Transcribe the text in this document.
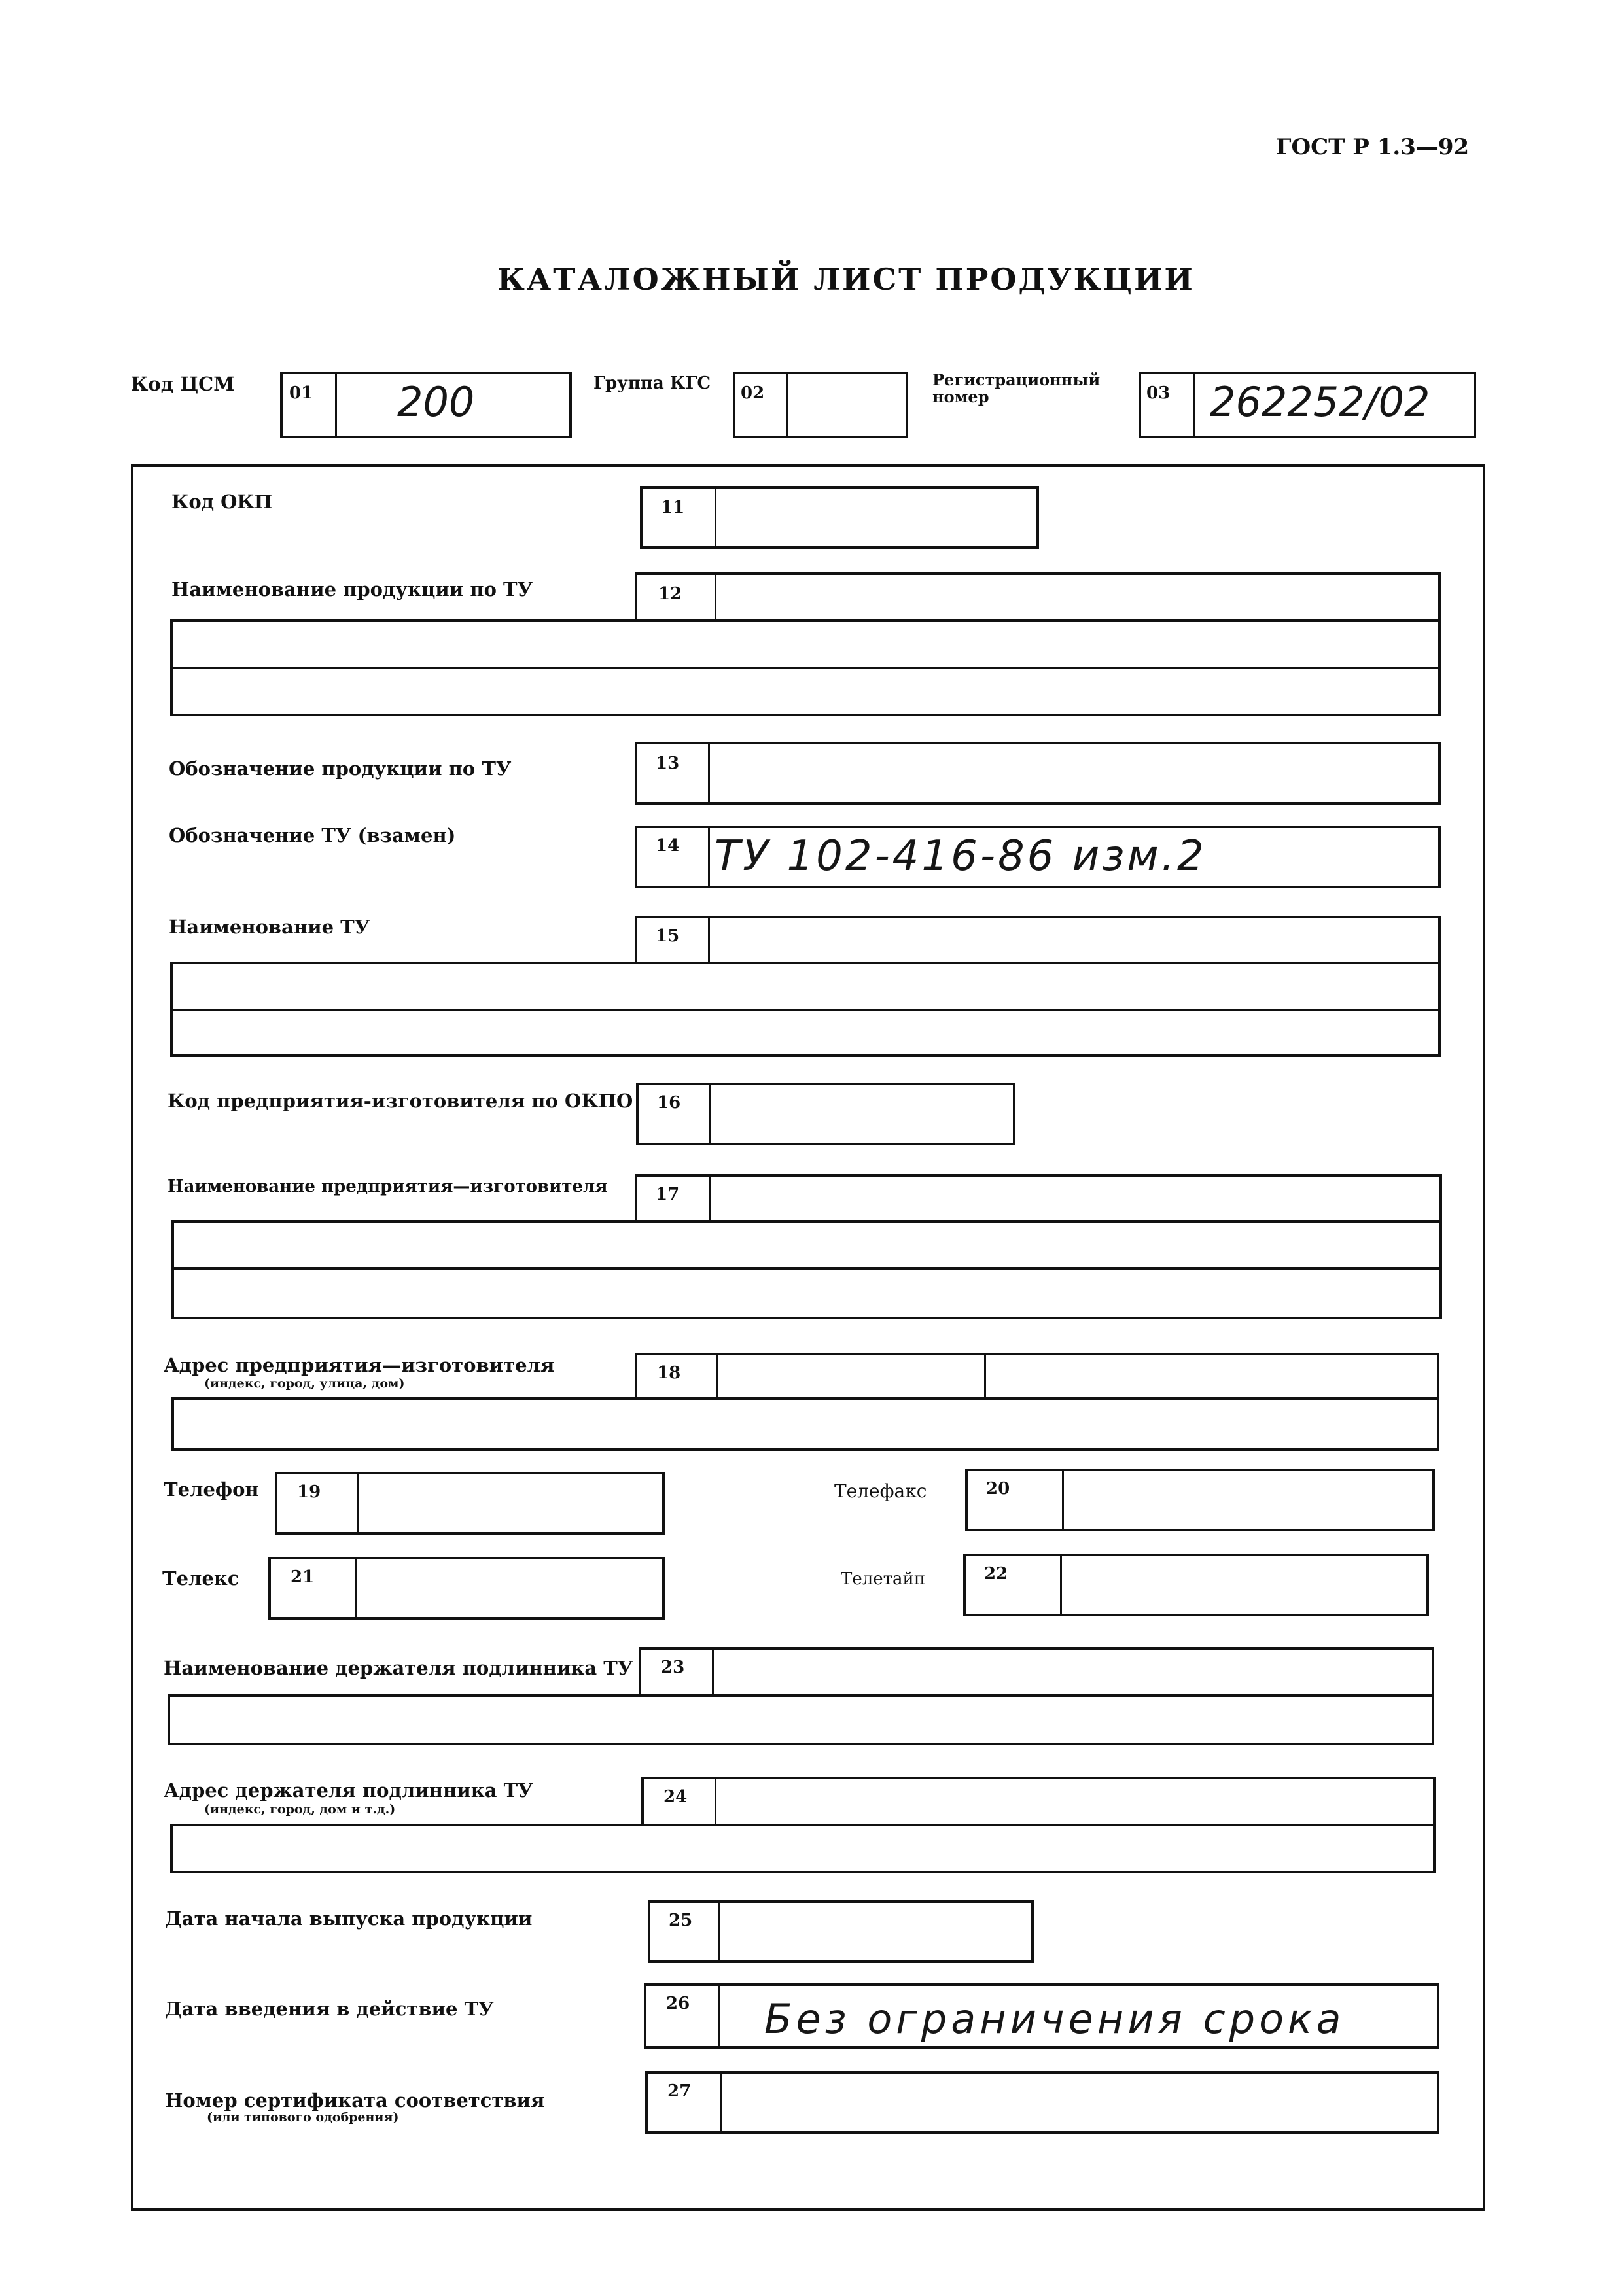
ГОСТ Р 1.3—92
КАТАЛОЖНЫЙ ЛИСТ ПРОДУКЦИИ
Код ЦСМ	01 200	Группа КГС 02
Регистрационный
номер	03 262252/02
Код ОКП	11
Наименование продукции по ТУ	12
Обозначение продукции по ТУ	13
Обозначение ТУ (взамен)	14 ТУ 102-416-86 изм.2
Наименование ТУ	15
Код предприятия-изготовителя по ОКПО 16
Наименование предприятия—изготовителя	17
Адрес предприятия—изготовителя
(индекс, город, улица, дом)
18
Телефон 19	Телефакс	20
Телекс	21	Телетайп	22
Наименование держателя подлинника ТУ 23
Адрес держателя подлинника ТУ
(индекс, город, дом и т.д.)
24
Дата начала выпуска продукции	25
Дата введения в действие ТУ	26 Без ограничения срока
Номер сертификата соответствия
(или типового одобрения)
27
